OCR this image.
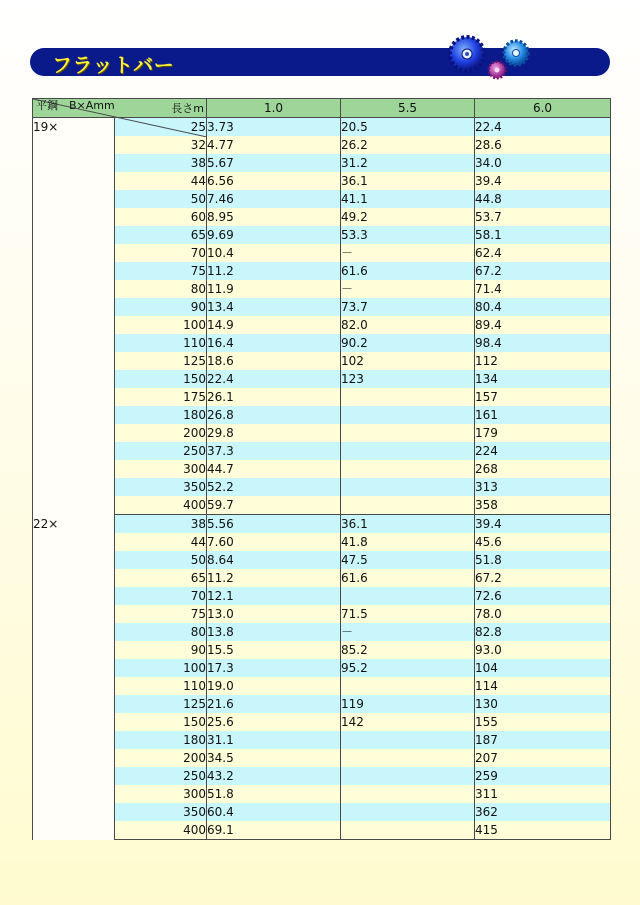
フラットバー
長さm
平鋼　B×Amm		1.0	5.5	6.0
19×	25	3.73	20.5	22.4
	32	4.77	26.2	28.6
	38	5.67	31.2	34.0
	44	6.56	36.1	39.4
	50	7.46	41.1	44.8
	60	8.95	49.2	53.7
	65	9.69	53.3	58.1
	70	10.4	－	62.4
	75	11.2	61.6	67.2
	80	11.9	－	71.4
	90	13.4	73.7	80.4
	100	14.9	82.0	89.4
	110	16.4	90.2	98.4
	125	18.6	102	112
	150	22.4	123	134
	175	26.1		157
	180	26.8		161
	200	29.8		179
	250	37.3		224
	300	44.7		268
	350	52.2		313
	400	59.7		358
22×	38	5.56	36.1	39.4
	44	7.60	41.8	45.6
	50	8.64	47.5	51.8
	65	11.2	61.6	67.2
	70	12.1		72.6
	75	13.0	71.5	78.0
	80	13.8	－	82.8
	90	15.5	85.2	93.0
	100	17.3	95.2	104
	110	19.0		114
	125	21.6	119	130
	150	25.6	142	155
	180	31.1		187
	200	34.5		207
	250	43.2		259
	300	51.8		311
	350	60.4		362
	400	69.1		415
